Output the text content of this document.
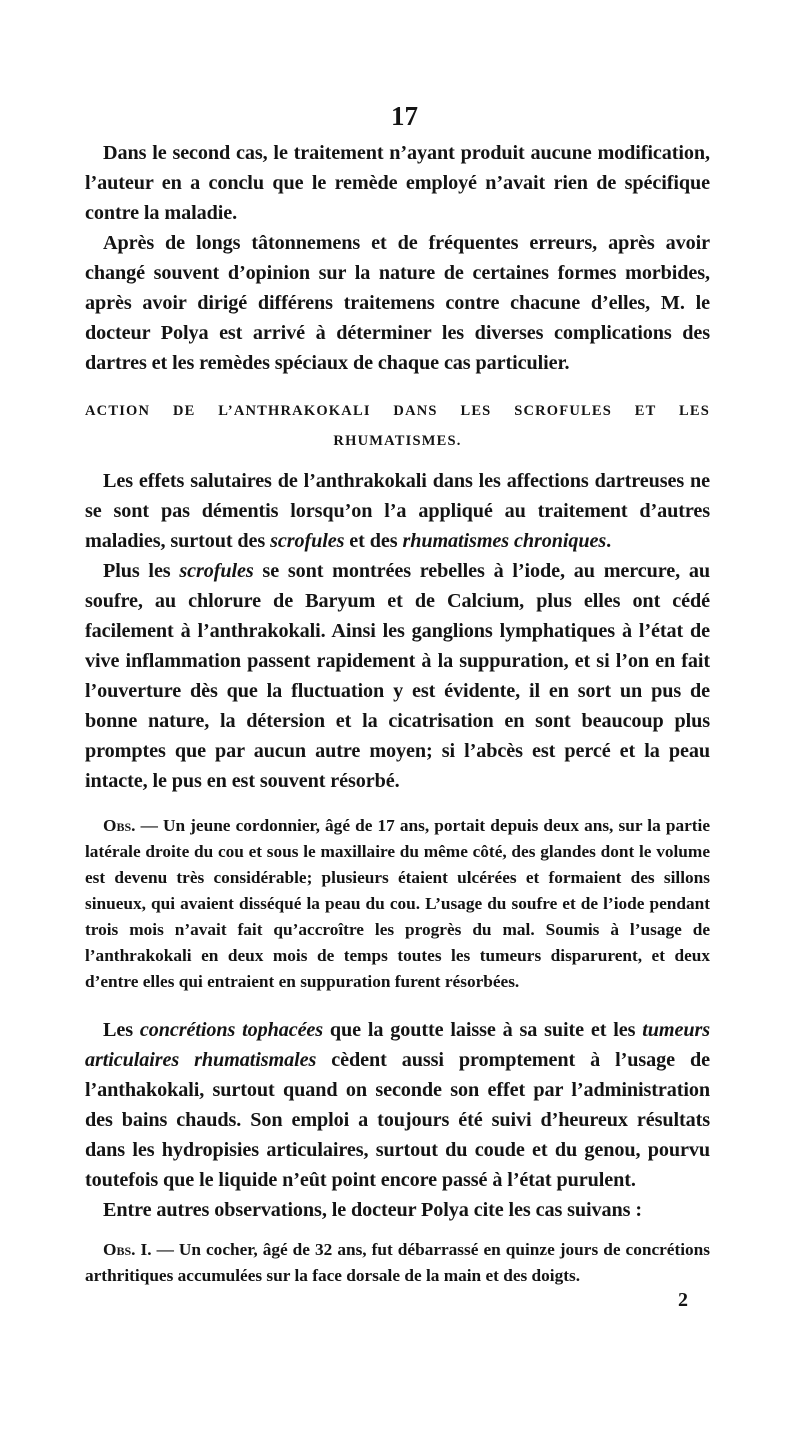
17

Dans le second cas, le traitement n’ayant produit aucune modification, l’auteur en a conclu que le remède employé n’avait rien de spécifique contre la maladie.

Après de longs tâtonnemens et de fréquentes erreurs, après avoir changé souvent d’opinion sur la nature de certaines formes morbides, après avoir dirigé différens traitemens contre chacune d’elles, M. le docteur Polya est arrivé à déterminer les diverses complications des dartres et les remèdes spéciaux de chaque cas particulier.

ACTION DE L’ANTHRAKOKALI DANS LES SCROFULES ET LES RHUMATISMES.

Les effets salutaires de l’anthrakokali dans les affections dartreuses ne se sont pas démentis lorsqu’on l’a appliqué au traitement d’autres maladies, surtout des scrofules et des rhumatismes chroniques.

Plus les scrofules se sont montrées rebelles à l’iode, au mercure, au soufre, au chlorure de Baryum et de Calcium, plus elles ont cédé facilement à l’anthrakokali. Ainsi les ganglions lymphatiques à l’état de vive inflammation passent rapidement à la suppuration, et si l’on en fait l’ouverture dès que la fluctuation y est évidente, il en sort un pus de bonne nature, la détersion et la cicatrisation en sont beaucoup plus promptes que par aucun autre moyen; si l’abcès est percé et la peau intacte, le pus en est souvent résorbé.

Obs. — Un jeune cordonnier, âgé de 17 ans, portait depuis deux ans, sur la partie latérale droite du cou et sous le maxillaire du même côté, des glandes dont le volume est devenu très considérable; plusieurs étaient ulcérées et formaient des sillons sinueux, qui avaient disséqué la peau du cou. L’usage du soufre et de l’iode pendant trois mois n’avait fait qu’accroître les progrès du mal. Soumis à l’usage de l’anthrakokali en deux mois de temps toutes les tumeurs disparurent, et deux d’entre elles qui entraient en suppuration furent résorbées.

Les concrétions tophacées que la goutte laisse à sa suite et les tumeurs articulaires rhumatismales cèdent aussi promptement à l’usage de l’anthakokali, surtout quand on seconde son effet par l’administration des bains chauds. Son emploi a toujours été suivi d’heureux résultats dans les hydropisies articulaires, surtout du coude et du genou, pourvu toutefois que le liquide n’eût point encore passé à l’état purulent.

Entre autres observations, le docteur Polya cite les cas suivans :

Obs. I. — Un cocher, âgé de 32 ans, fut débarrassé en quinze jours de concrétions arthritiques accumulées sur la face dorsale de la main et des doigts.

2
